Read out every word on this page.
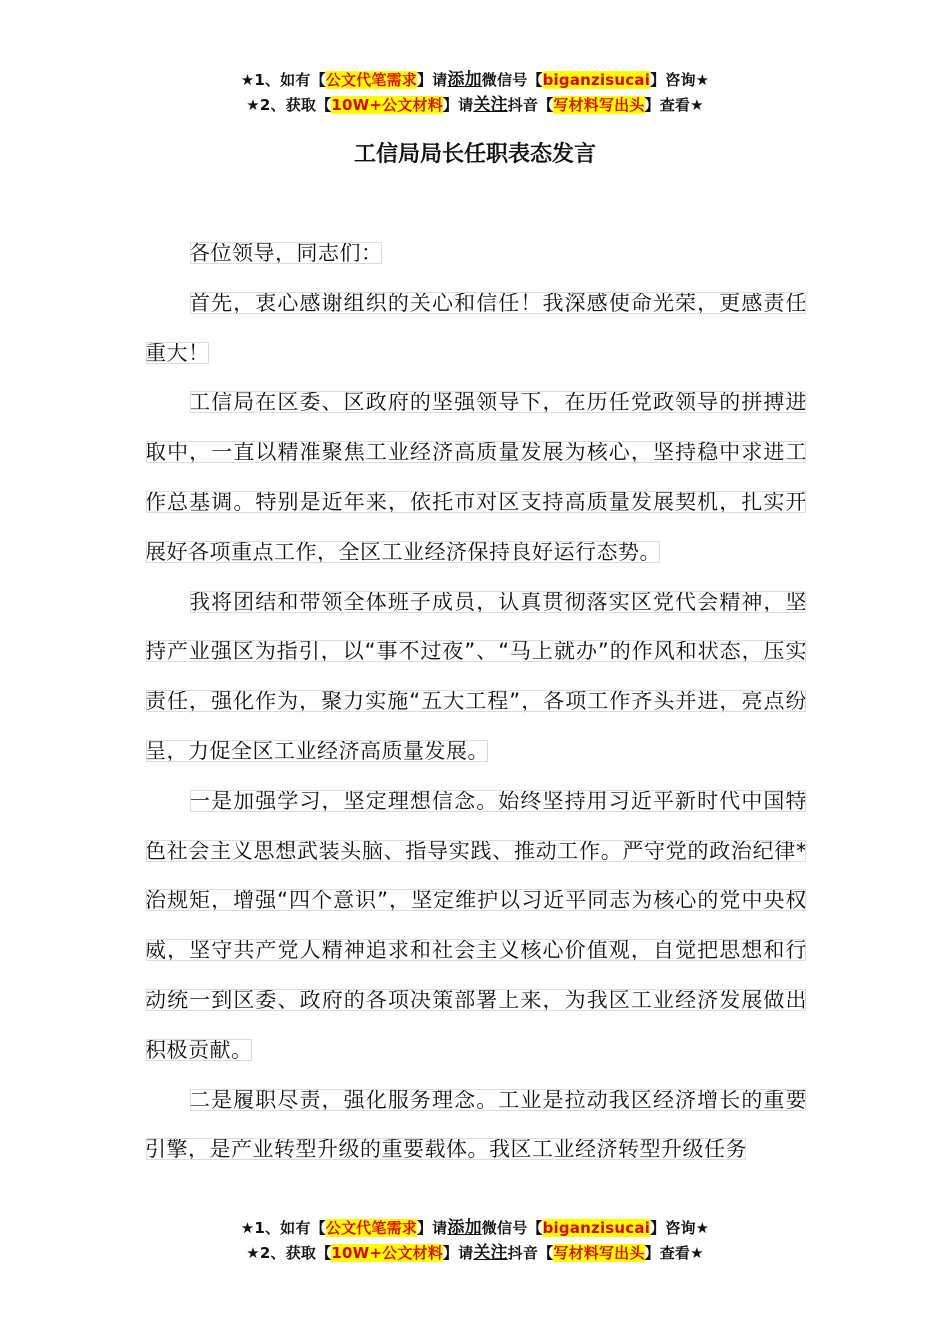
★1、如有【公文代笔需求】请添加微信号【biganzisucai】咨询★
★2、获取【10W+公文材料】请关注抖音【写材料写出头】查看★
工信局局长任职表态发言

各位领导，同志们：

首先，衷心感谢组织的关心和信任！我深感使命光荣，更感责任重大！

工信局在区委、区政府的坚强领导下，在历任党政领导的拼搏进取中，一直以精准聚焦工业经济高质量发展为核心，坚持稳中求进工作总基调。特别是近年来，依托市对区支持高质量发展契机，扎实开展好各项重点工作，全区工业经济保持良好运行态势。

我将团结和带领全体班子成员，认真贯彻落实区党代会精神，坚持产业强区为指引，以“事不过夜”、“马上就办”的作风和状态，压实责任，强化作为，聚力实施“五大工程”，各项工作齐头并进，亮点纷呈，力促全区工业经济高质量发展。

一是加强学习，坚定理想信念。始终坚持用习近平新时代中国特色社会主义思想武装头脑、指导实践、推动工作。严守党的政治纪律*治规矩，增强“四个意识”，坚定维护以习近平同志为核心的党中央权威，坚守共产党人精神追求和社会主义核心价值观，自觉把思想和行动统一到区委、政府的各项决策部署上来，为我区工业经济发展做出积极贡献。

二是履职尽责，强化服务理念。工业是拉动我区经济增长的重要引擎，是产业转型升级的重要载体。我区工业经济转型升级任务

★1、如有【公文代笔需求】请添加微信号【biganzisucai】咨询★
★2、获取【10W+公文材料】请关注抖音【写材料写出头】查看★
